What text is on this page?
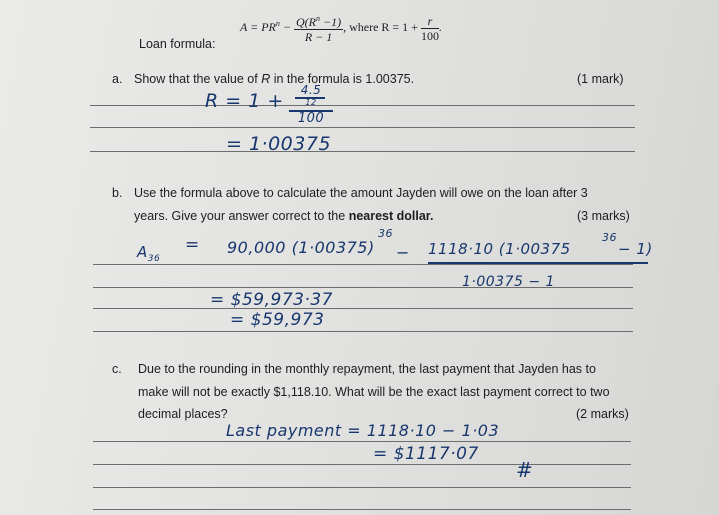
Loan formula:
$A = PR^n - \frac{Q(R^n -1)}{R - 1}$ , where $R = 1 + \frac{r}{100}$ .
a. Show that the value of R in the formula is 1.00375.	(1 mark)
R = 1 +	4.5
12
100
= 1·00375
b. Use the formula above to calculate the amount Jayden will owe on the loan after 3
years. Give your answer correct to the nearest dollar.	(3 marks)
$A_{36}$
= 90,000 (1·00375)
36
− 1118·10 (1·00375
36
− 1)
1·00375 − 1
= $59,973·37
= $59,973
c. Due to the rounding in the monthly repayment, the last payment that Jayden has to
make will not be exactly $1,118.10. What will be the exact last payment correct to two
decimal places?	(2 marks)
Last payment = 1118·10 − 1·03
= $1117·07
#
